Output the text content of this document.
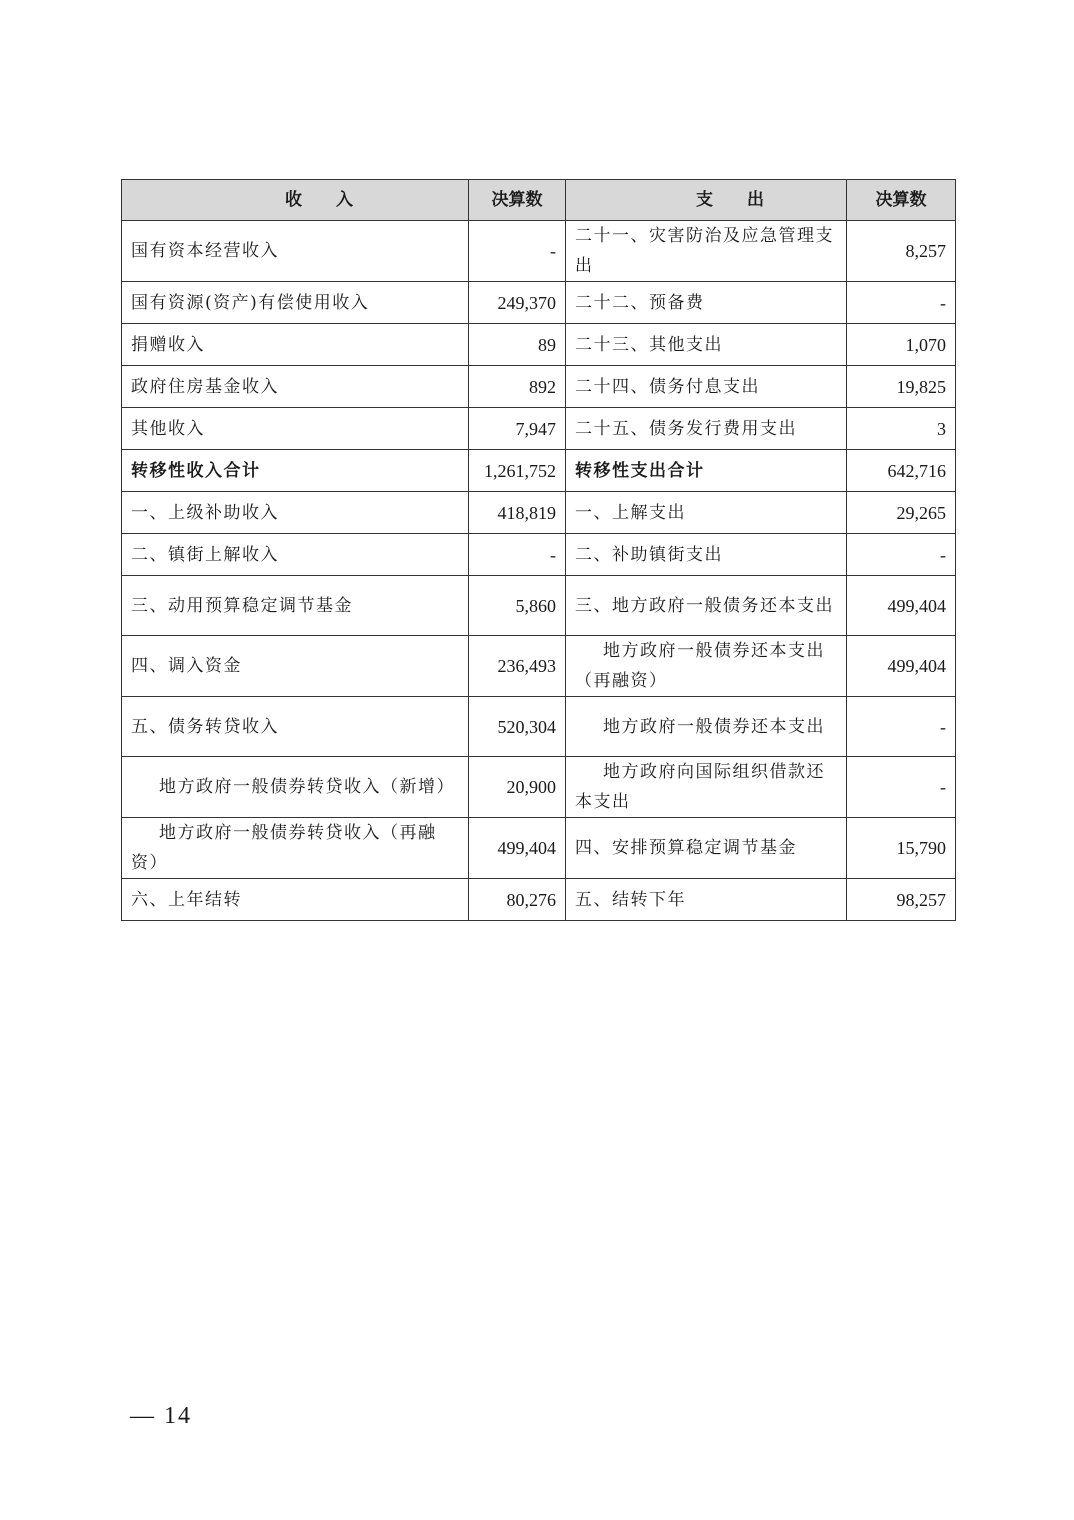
收　　入	决算数	支　　出	决算数
国有资本经营收入	-	二十一、灾害防治及应急管理支出	8,257
国有资源(资产)有偿使用收入	249,370	二十二、预备费	-
捐赠收入	89	二十三、其他支出	1,070
政府住房基金收入	892	二十四、债务付息支出	19,825
其他收入	7,947	二十五、债务发行费用支出	3
转移性收入合计	1,261,752	转移性支出合计	642,716
一、上级补助收入	418,819	一、上解支出	29,265
二、镇街上解收入	-	二、补助镇街支出	-
三、动用预算稳定调节基金	5,860	三、地方政府一般债务还本支出	499,404
四、调入资金	236,493	地方政府一般债券还本支出（再融资）	499,404
五、债务转贷收入	520,304	地方政府一般债券还本支出	-
地方政府一般债券转贷收入（新增）	20,900	地方政府向国际组织借款还本支出	-
地方政府一般债券转贷收入（再融资）	499,404	四、安排预算稳定调节基金	15,790
六、上年结转	80,276	五、结转下年	98,257
— 14
